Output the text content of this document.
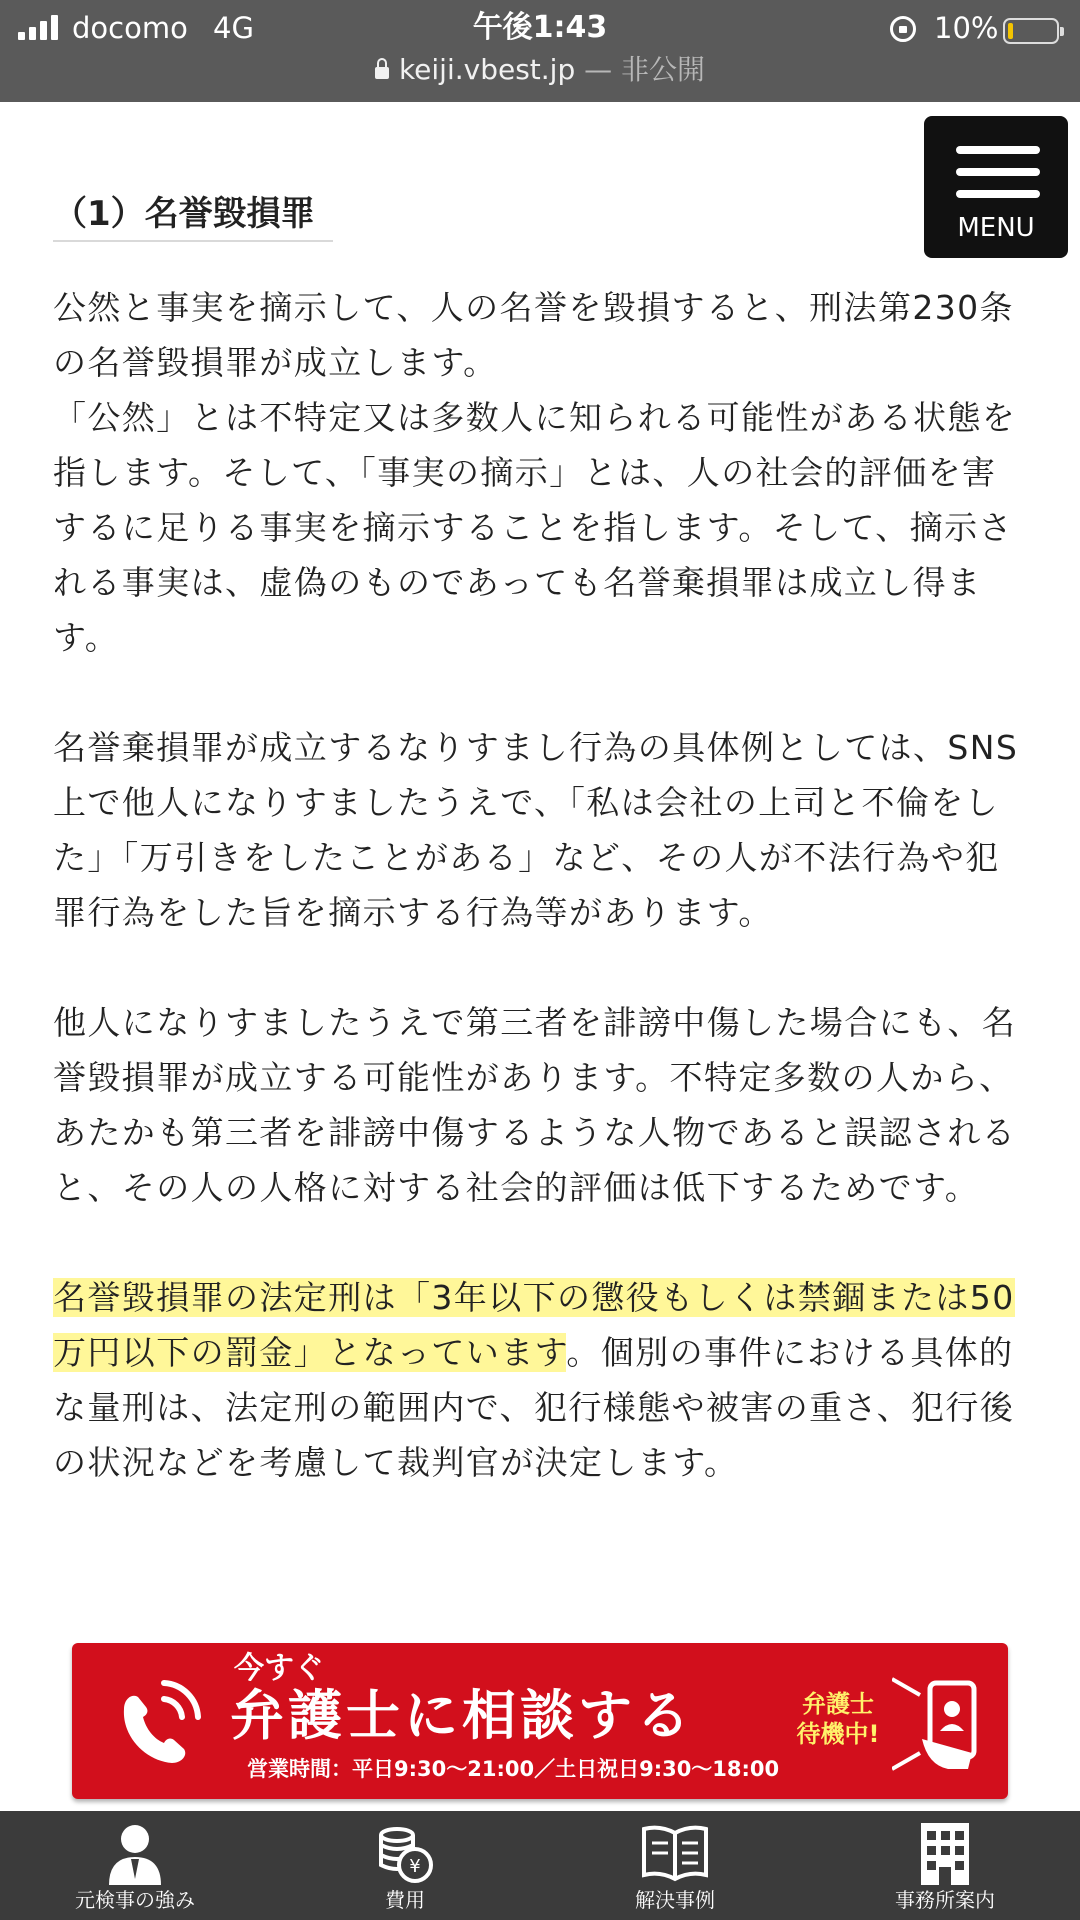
docomo 4G	午後1:43	10%
keiji.vbest.jp — 非公開
MENU
（1）名誉毀損罪

公然と事実を摘示して、人の名誉を毀損すると、刑法第230条の名誉毀損罪が成立します。
「公然」とは不特定又は多数人に知られる可能性がある状態を指します。そして、「事実の摘示」とは、人の社会的評価を害するに足りる事実を摘示することを指します。そして、摘示される事実は、虚偽のものであっても名誉棄損罪は成立し得ます。

名誉棄損罪が成立するなりすまし行為の具体例としては、SNS上で他人になりすましたうえで、「私は会社の上司と不倫をした」「万引きをしたことがある」など、その人が不法行為や犯罪行為をした旨を摘示する行為等があります。

他人になりすましたうえで第三者を誹謗中傷した場合にも、名誉毀損罪が成立する可能性があります。不特定多数の人から、あたかも第三者を誹謗中傷するような人物であると誤認されると、その人の人格に対する社会的評価は低下するためです。

名誉毀損罪の法定刑は「3年以下の懲役もしくは禁錮または50万円以下の罰金」となっています。個別の事件における具体的な量刑は、法定刑の範囲内で、犯行様態や被害の重さ、犯行後の状況などを考慮して裁判官が決定します。

今すぐ
弁護士に相談する
営業時間：平日9:30〜21:00／土日祝日9:30〜18:00
弁護士
待機中!
元検事の強み
¥
費用	解決事例	事務所案内
